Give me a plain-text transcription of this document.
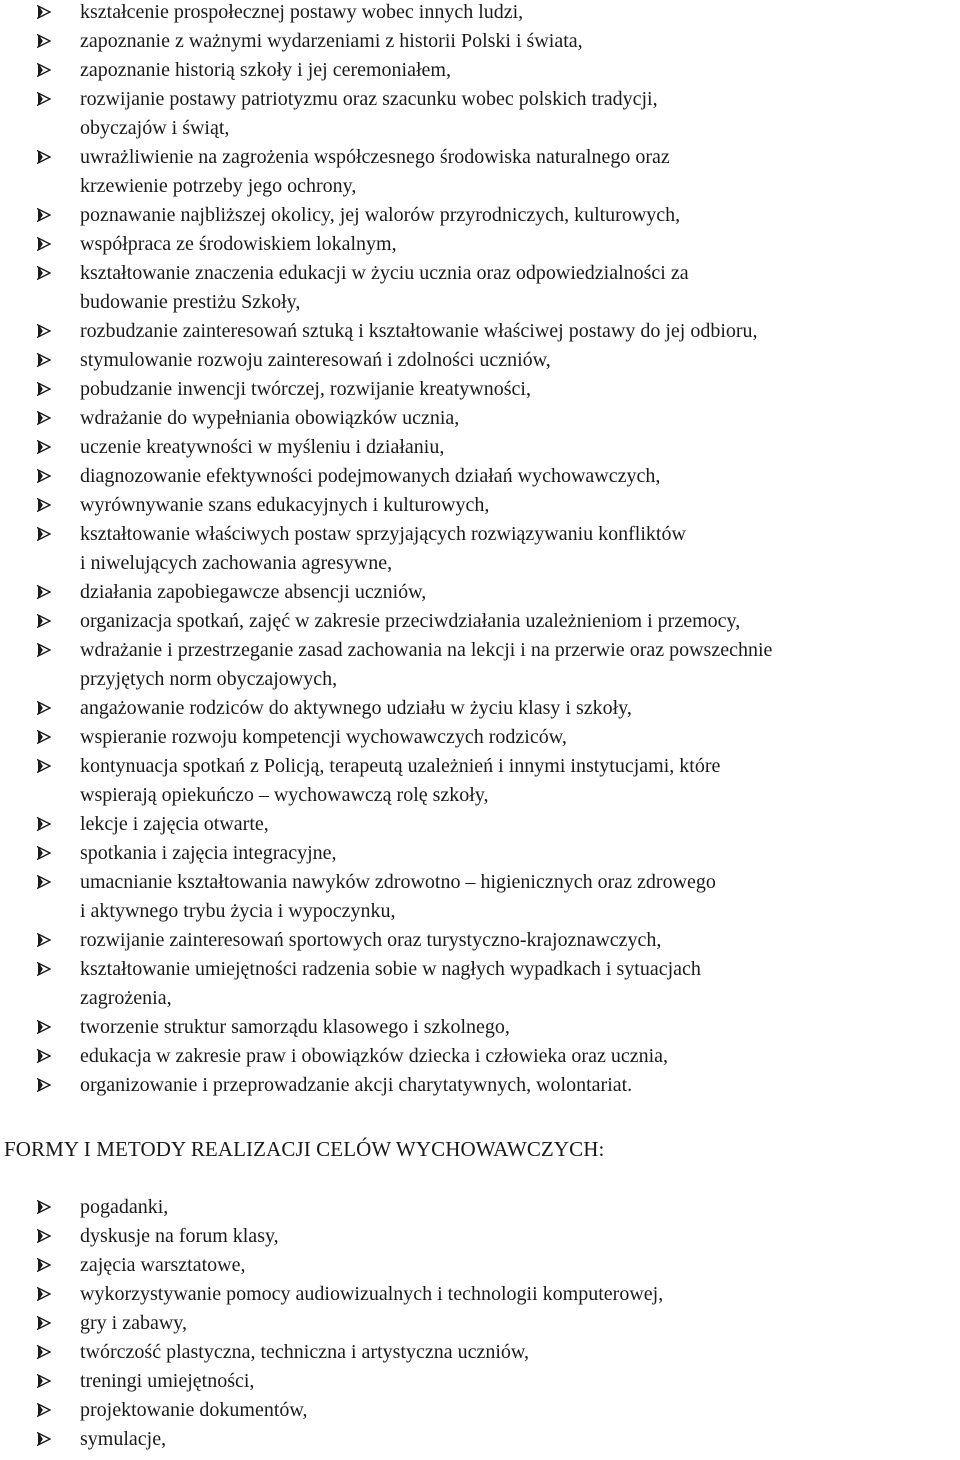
kształcenie prospołecznej postawy wobec innych ludzi,
zapoznanie z ważnymi wydarzeniami z historii Polski i świata,
zapoznanie historią szkoły i jej ceremoniałem,
rozwijanie postawy patriotyzmu oraz szacunku wobec polskich tradycji,
obyczajów i świąt,
uwrażliwienie na zagrożenia współczesnego środowiska naturalnego oraz
krzewienie potrzeby jego ochrony,
poznawanie najbliższej okolicy, jej walorów przyrodniczych, kulturowych,
współpraca ze środowiskiem lokalnym,
kształtowanie znaczenia edukacji w życiu ucznia oraz odpowiedzialności za
budowanie prestiżu Szkoły,
rozbudzanie zainteresowań sztuką i kształtowanie właściwej postawy do jej odbioru,
stymulowanie rozwoju zainteresowań i zdolności uczniów,
pobudzanie inwencji twórczej, rozwijanie kreatywności,
wdrażanie do wypełniania obowiązków ucznia,
uczenie kreatywności w myśleniu i działaniu,
diagnozowanie efektywności podejmowanych działań wychowawczych,
wyrównywanie szans edukacyjnych i kulturowych,
kształtowanie właściwych postaw sprzyjających rozwiązywaniu konfliktów
i niwelujących zachowania agresywne,
działania zapobiegawcze absencji uczniów,
organizacja spotkań, zajęć w zakresie przeciwdziałania uzależnieniom i przemocy,
wdrażanie i przestrzeganie zasad zachowania na lekcji i na przerwie oraz powszechnie
przyjętych norm obyczajowych,
angażowanie rodziców do aktywnego udziału w życiu klasy i szkoły,
wspieranie rozwoju kompetencji wychowawczych rodziców,
kontynuacja spotkań z Policją, terapeutą uzależnień i innymi instytucjami, które
wspierają opiekuńczo – wychowawczą rolę szkoły,
lekcje i zajęcia otwarte,
spotkania i zajęcia integracyjne,
umacnianie kształtowania nawyków zdrowotno – higienicznych oraz zdrowego
i aktywnego trybu życia i wypoczynku,
rozwijanie zainteresowań sportowych oraz turystyczno-krajoznawczych,
kształtowanie umiejętności radzenia sobie w nagłych wypadkach i sytuacjach
zagrożenia,
tworzenie struktur samorządu klasowego i szkolnego,
edukacja w zakresie praw i obowiązków dziecka i człowieka oraz ucznia,
organizowanie i przeprowadzanie akcji charytatywnych, wolontariat.
FORMY I METODY REALIZACJI CELÓW WYCHOWAWCZYCH:
pogadanki,
dyskusje na forum klasy,
zajęcia warsztatowe,
wykorzystywanie pomocy audiowizualnych i technologii komputerowej,
gry i zabawy,
twórczość plastyczna, techniczna i artystyczna uczniów,
treningi umiejętności,
projektowanie dokumentów,
symulacje,
